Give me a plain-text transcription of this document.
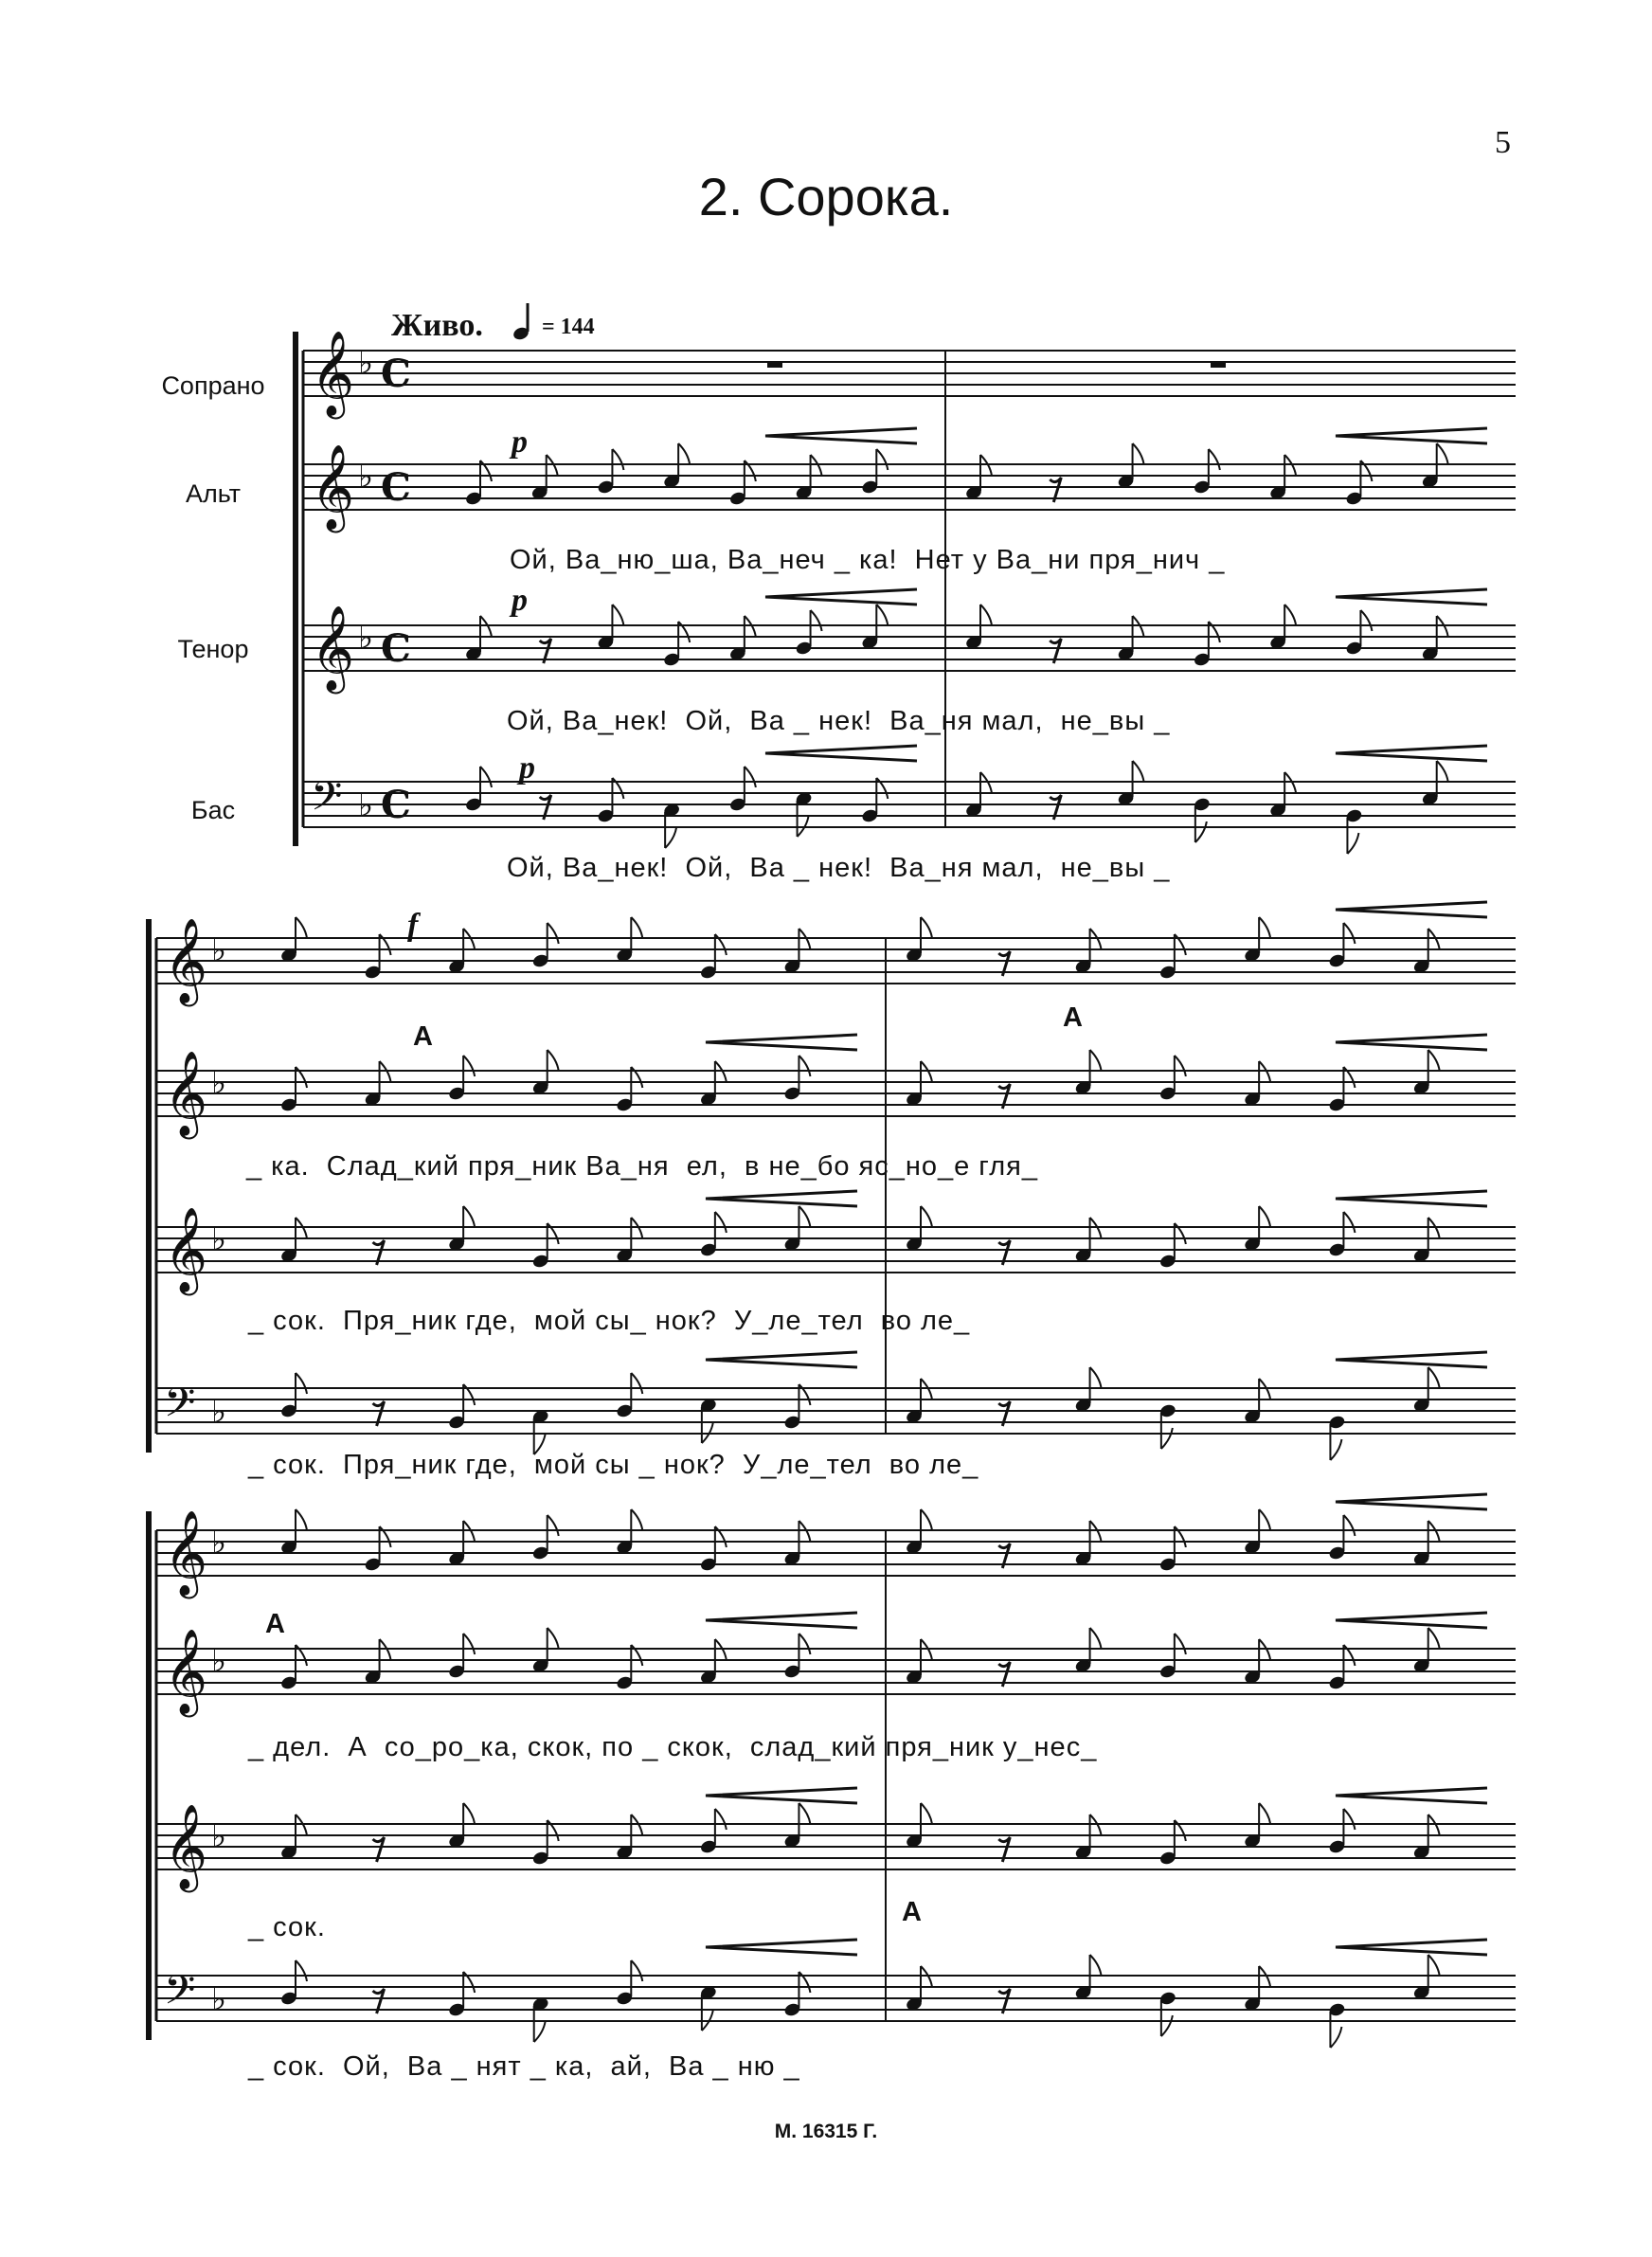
5
2. Сорока.
Живо.	= 144
Сопрано
Альт
Тенор
Бас
𝄞 ♭ C
𝄞 ♭ C
𝄞 ♭ C
𝄢 ♭ C
𝄞 ♭
𝄞 ♭
𝄞 ♭
𝄢 ♭
𝄞 ♭
𝄞 ♭
𝄞 ♭
𝄢 ♭
p
p
p
f
Ой, Ва_ню_ша, Ва_неч _ ка!  Нет у Ва_ни пря_нич _
Ой, Ва_нек!  Ой,  Ва _ нек!  Ва_ня мал,  не_вы _
Ой, Ва_нек!  Ой,  Ва _ нек!  Ва_ня мал,  не_вы _
А
А
_ ка.  Слад_кий пря_ник Ва_ня  ел,  в не_бо яс_но_е гля_
_ сок.  Пря_ник где,  мой сы_ нок?  У_ле_тел  во ле_
_ сок.  Пря_ник где,  мой сы _ нок?  У_ле_тел  во ле_
А
_ дел.  А  со_ро_ка, скок, по _ скок,  слад_кий пря_ник у_нес_
_ сок.	А
_ сок.  Ой,  Ва _ нят _ ка,  ай,  Ва _ ню _
М. 16315 Г.
